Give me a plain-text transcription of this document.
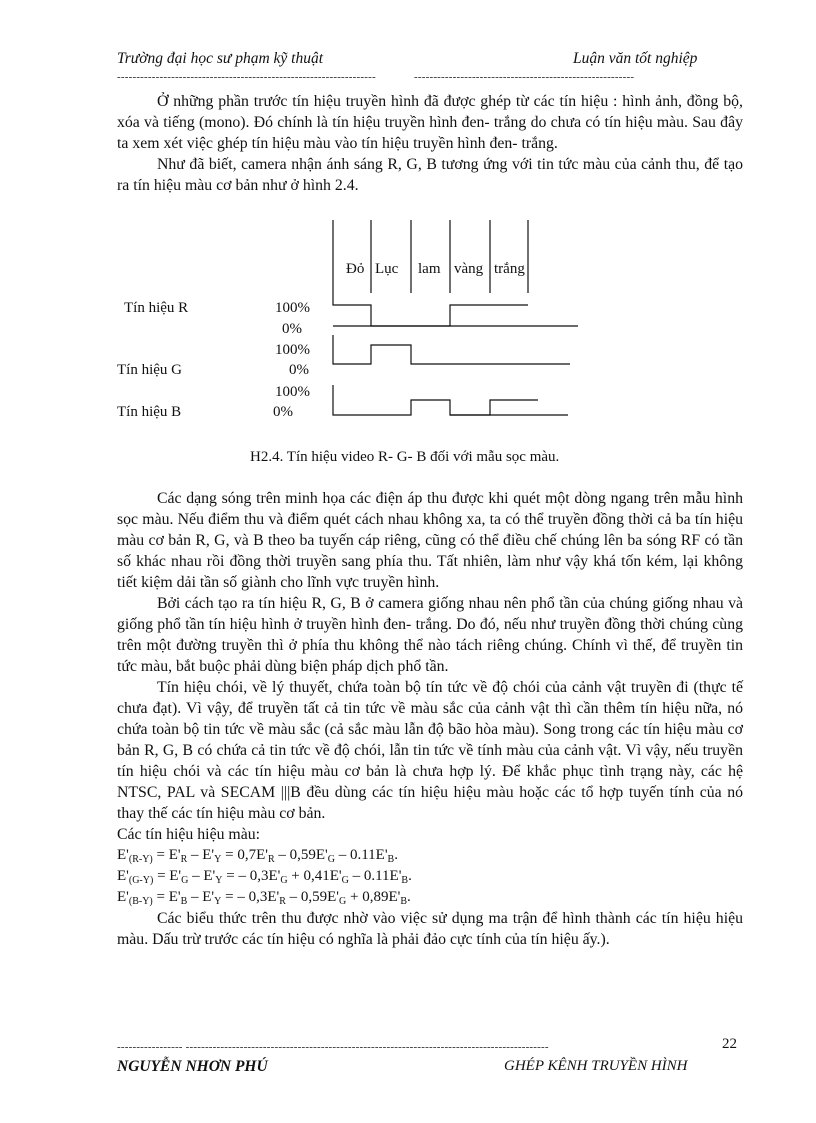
Trường đại học sư phạm kỹ thuật	Luận văn tốt nghiệp
-------------------------------------------------------------------	---------------------------------------------------------

Ở những phần trước tín hiệu truyền hình đã được ghép từ các tín hiệu : hình ảnh, đồng bộ, xóa và tiếng (mono). Đó chính là tín hiệu truyền hình đen- trắng do chưa có tín hiệu màu. Sau đây ta xem xét việc ghép tín hiệu màu vào tín hiệu truyền hình đen- trắng.

Như đã biết, camera nhận ánh sáng R, G, B tương ứng với tin tức màu của cảnh thu, để tạo ra tín hiệu màu cơ bản như ở hình 2.4.

Đỏ Lục lam vàng trắng
Tín hiệu R	100%
0%
100%
Tín hiệu G	0%
100%
Tín hiệu B	0%
H2.4. Tín hiệu video R- G- B đối với mẫu sọc màu.

Các dạng sóng trên minh họa các điện áp thu được khi quét một dòng ngang trên mẫu hình sọc màu. Nếu điểm thu và điểm quét cách nhau không xa, ta có thể truyền đồng thời cả ba tín hiệu màu cơ bản R, G, và B theo ba tuyến cáp riêng, cũng có thể điều chế chúng lên ba sóng RF có tần số khác nhau rồi đồng thời truyền sang phía thu. Tất nhiên, làm như vậy khá tốn kém, lại không tiết kiệm dải tần số giành cho lĩnh vực truyền hình.

Bởi cách tạo ra tín hiệu R, G, B ở camera giống nhau nên phổ tần của chúng giống nhau và giống phổ tần tín hiệu hình ở truyền hình đen- trắng. Do đó, nếu như truyền đồng thời chúng cùng trên một đường truyền thì ở phía thu không thể nào tách riêng chúng. Chính vì thế, để truyền tin tức màu, bắt buộc phải dùng biện pháp dịch phổ tần.

Tín hiệu chói, về lý thuyết, chứa toàn bộ tín tức về độ chói của cảnh vật truyền đi (thực tế chưa đạt). Vì vậy, để truyền tất cả tin tức về màu sắc của cảnh vật thì cần thêm tín hiệu nữa, nó chứa toàn bộ tin tức về màu sắc (cả sắc màu lẫn độ bão hòa màu). Song trong các tín hiệu màu cơ bản R, G, B có chứa cả tin tức về độ chói, lẫn tin tức về tính màu của cảnh vật. Vì vậy, nếu truyền tín hiệu chói và các tín hiệu màu cơ bản là chưa hợp lý. Để khắc phục tình trạng này, các hệ NTSC, PAL và SECAM |||B đều dùng các tín hiệu hiệu màu hoặc các tổ hợp tuyến tính của nó thay thế các tín hiệu màu cơ bản.

Các tín hiệu hiệu màu:

$E'_{(R-Y)} = E'_R - E'_Y = 0,7E'_R - 0,59E'_G - 0.11E'_B$.
$E'_{(G-Y)} = E'_G - E'_Y$ = – $0,3E'_G + 0,41E'_G - 0.11E'_B$.
$E'_{(B-Y)} = E'_B - E'_Y$ = – $0,3E'_R - 0,59E'_G + 0,89E'_B$.

Các biểu thức trên thu được nhờ vào việc sử dụng ma trận để hình thành các tín hiệu hiệu màu. Dấu trừ trước các tín hiệu có nghĩa là phải đảo cực tính của tín hiệu ấy.).

----------------- ----------------------------------------------------------------------------------------------	22
NGUYỄN NHƠN PHÚ	GHÉP KÊNH TRUYỀN HÌNH
